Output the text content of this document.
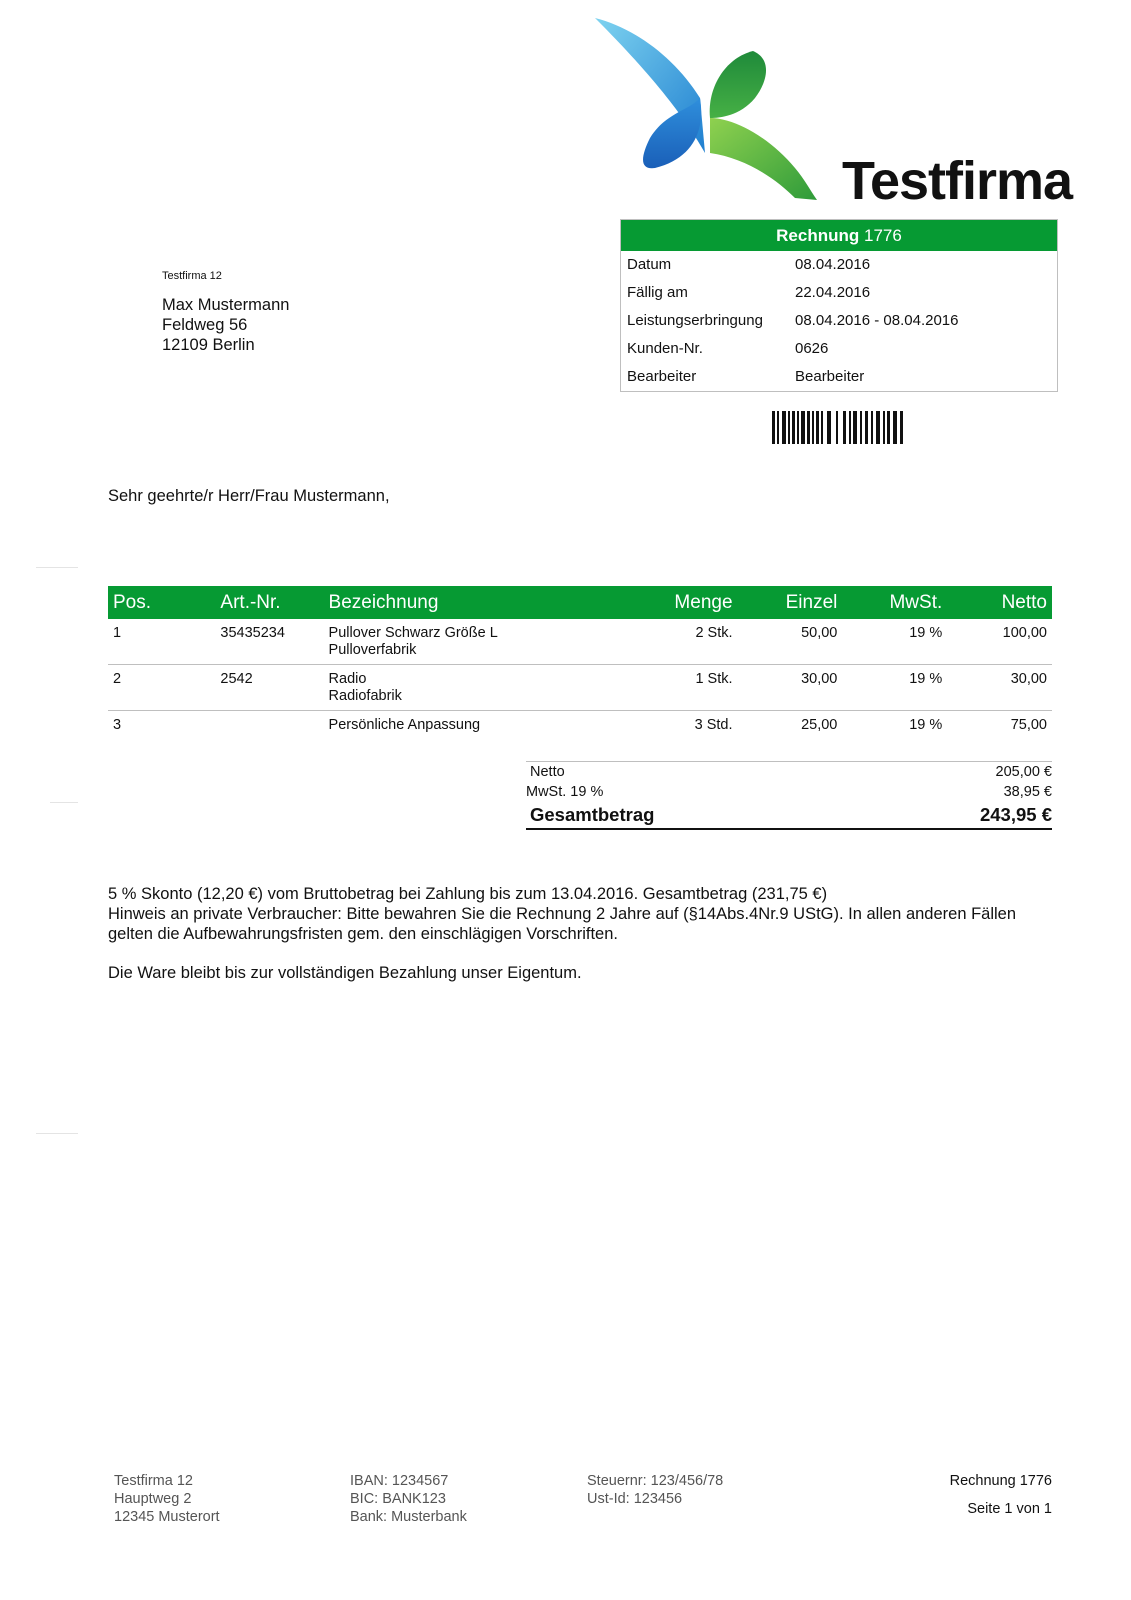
Testfirma
Rechnung 1776
Datum	08.04.2016
Fällig am	22.04.2016
Leistungserbringung 08.04.2016 - 08.04.2016
Kunden-Nr.	0626
Bearbeiter	Bearbeiter
Testfirma 12
Max Mustermann
Feldweg 56
12109 Berlin
Sehr geehrte/r Herr/Frau Mustermann,
Pos.	Art.-Nr.	Bezeichnung	Menge	Einzel	MwSt.	Netto
1	35435234	Pullover Schwarz Größe L
Pulloverfabrik	2 Stk.	50,00	19 %	100,00
2	2542	Radio
Radiofabrik	1 Stk.	30,00	19 %	30,00
3		Persönliche Anpassung	3 Std.	25,00	19 %	75,00
Netto	205,00 €
MwSt. 19 %	38,95 €
Gesamtbetrag	243,95 €

5 % Skonto (12,20 €) vom Bruttobetrag bei Zahlung bis zum 13.04.2016. Gesamtbetrag (231,75 €)

Hinweis an private Verbraucher: Bitte bewahren Sie die Rechnung 2 Jahre auf (§14Abs.4Nr.9 UStG). In allen anderen Fällen gelten die Aufbewahrungsfristen gem. den einschlägigen Vorschriften.

Die Ware bleibt bis zur vollständigen Bezahlung unser Eigentum.

Testfirma 12
Hauptweg 2
12345 Musterort
IBAN: 1234567
BIC: BANK123
Bank: Musterbank
Steuernr: 123/456/78
Ust-Id: 123456
Rechnung 1776
Seite 1 von 1
